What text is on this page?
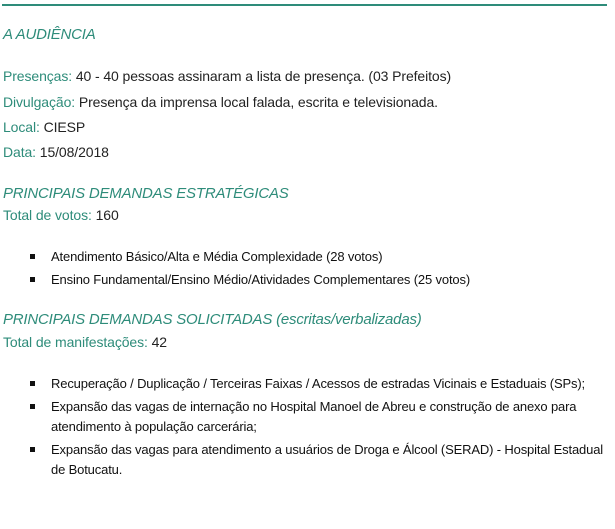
A AUDIÊNCIA
Presenças: 40 - 40 pessoas assinaram a lista de presença. (03 Prefeitos)
Divulgação: Presença da imprensa local falada, escrita e televisionada.
Local: CIESP
Data: 15/08/2018
PRINCIPAIS DEMANDAS ESTRATÉGICAS
Total de votos: 160
Atendimento Básico/Alta e Média Complexidade (28 votos)
Ensino Fundamental/Ensino Médio/Atividades Complementares (25 votos)
PRINCIPAIS DEMANDAS SOLICITADAS (escritas/verbalizadas)
Total de manifestações: 42
Recuperação / Duplicação / Terceiras Faixas / Acessos de estradas Vicinais e Estaduais (SPs);
Expansão das vagas de internação no Hospital Manoel de Abreu e construção de anexo para atendimento à população carcerária;
Expansão das vagas para atendimento a usuários de Droga e Álcool (SERAD) - Hospital Estadual de Botucatu.
